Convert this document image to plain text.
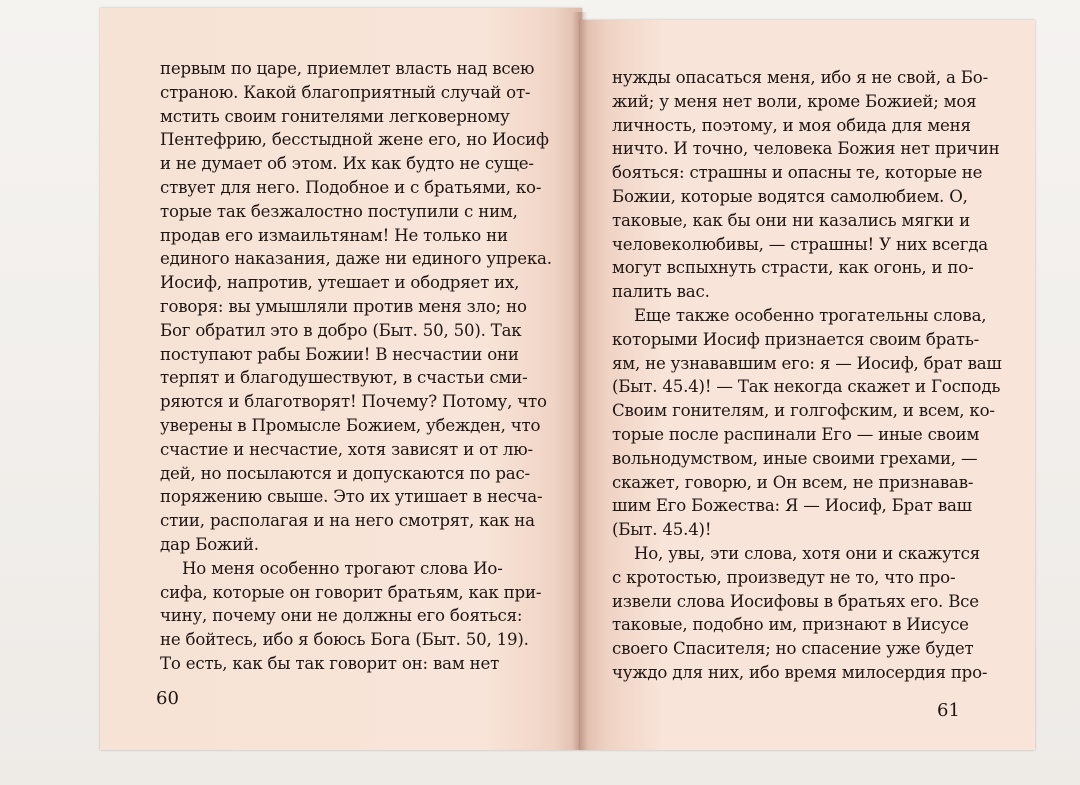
первым по царе, приемлет власть над всею
страною. Какой благоприятный случай от-
мстить своим гонителями легковерному
Пентефрию, бесстыдной жене его, но Иосиф
и не думает об этом. Их как будто не суще-
ствует для него. Подобное и с братьями, ко-
торые так безжалостно поступили с ним,
продав его измаильтянам! Не только ни
единого наказания, даже ни единого упрека.
Иосиф, напротив, утешает и ободряет их,
говоря: вы умышляли против меня зло; но
Бог обратил это в добро (Быт. 50, 50). Так
поступают рабы Божии! В несчастии они
терпят и благодушествуют, в счастьи сми-
ряются и благотворят! Почему? Потому, что
уверены в Промысле Божием, убежден, что
счастие и несчастие, хотя зависят и от лю-
дей, но посылаются и допускаются по рас-
поряжению свыше. Это их утишает в несча-
стии, располагая и на него смотрят, как на
дар Божий.
Но меня особенно трогают слова Ио-
сифа, которые он говорит братьям, как при-
чину, почему они не должны его бояться:
не бойтесь, ибо я боюсь Бога (Быт. 50, 19).
То есть, как бы так говорит он: вам нет
нужды опасаться меня, ибо я не свой, а Бо-
жий; у меня нет воли, кроме Божией; моя
личность, поэтому, и моя обида для меня
ничто. И точно, человека Божия нет причин
бояться: страшны и опасны те, которые не
Божии, которые водятся самолюбием. О,
таковые, как бы они ни казались мягки и
человеколюбивы, — страшны! У них всегда
могут вспыхнуть страсти, как огонь, и по-
палить вас.
Еще также особенно трогательны слова,
которыми Иосиф признается своим брать-
ям, не узнававшим его: я — Иосиф, брат ваш
(Быт. 45.4)! — Так некогда скажет и Господь
Своим гонителям, и голгофским, и всем, ко-
торые после распинали Его — иные своим
вольнодумством, иные своими грехами, —
скажет, говорю, и Он всем, не признавав-
шим Его Божества: Я — Иосиф, Брат ваш
(Быт. 45.4)!
Но, увы, эти слова, хотя они и скажутся
с кротостью, произведут не то, что про-
извели слова Иосифовы в братьях его. Все
таковые, подобно им, признают в Иисусе
своего Спасителя; но спасение уже будет
чуждо для них, ибо время милосердия про-
60
61
